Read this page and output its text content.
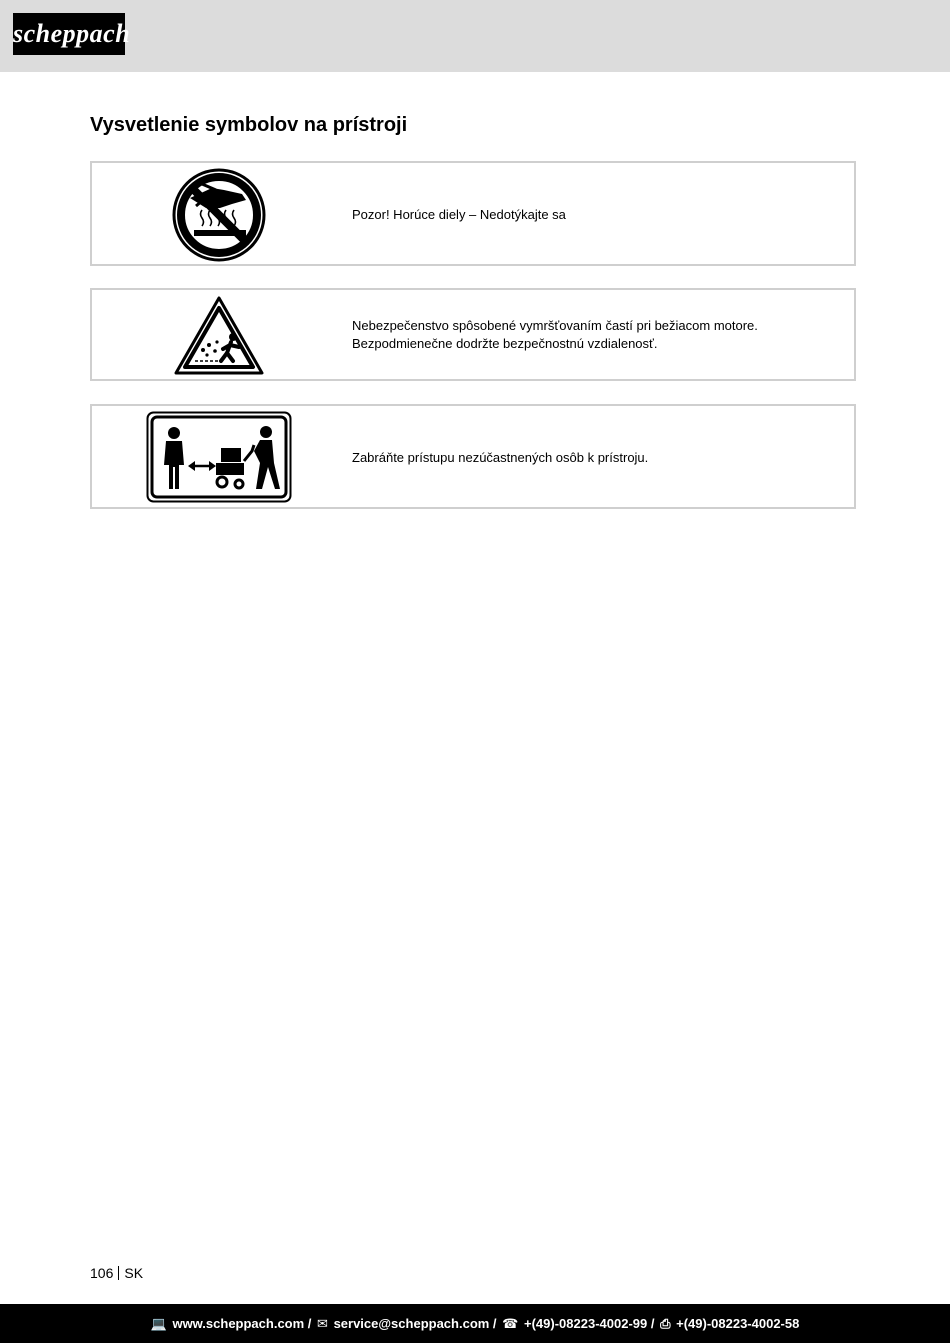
scheppach
Vysvetlenie symbolov na prístroji
Pozor! Horúce diely – Nedotýkajte sa
Nebezpečenstvo spôsobené vymršťovaním častí pri bežiacom motore.
Bezpodmienečne dodržte bezpečnostnú vzdialenosť.
Zabráňte prístupu nezúčastnených osôb k prístroju.
106 SK
💻 www.scheppach.com / ✉ service@scheppach.com / ☎ +(49)-08223-4002-99 / ⎙ +(49)-08223-4002-58
